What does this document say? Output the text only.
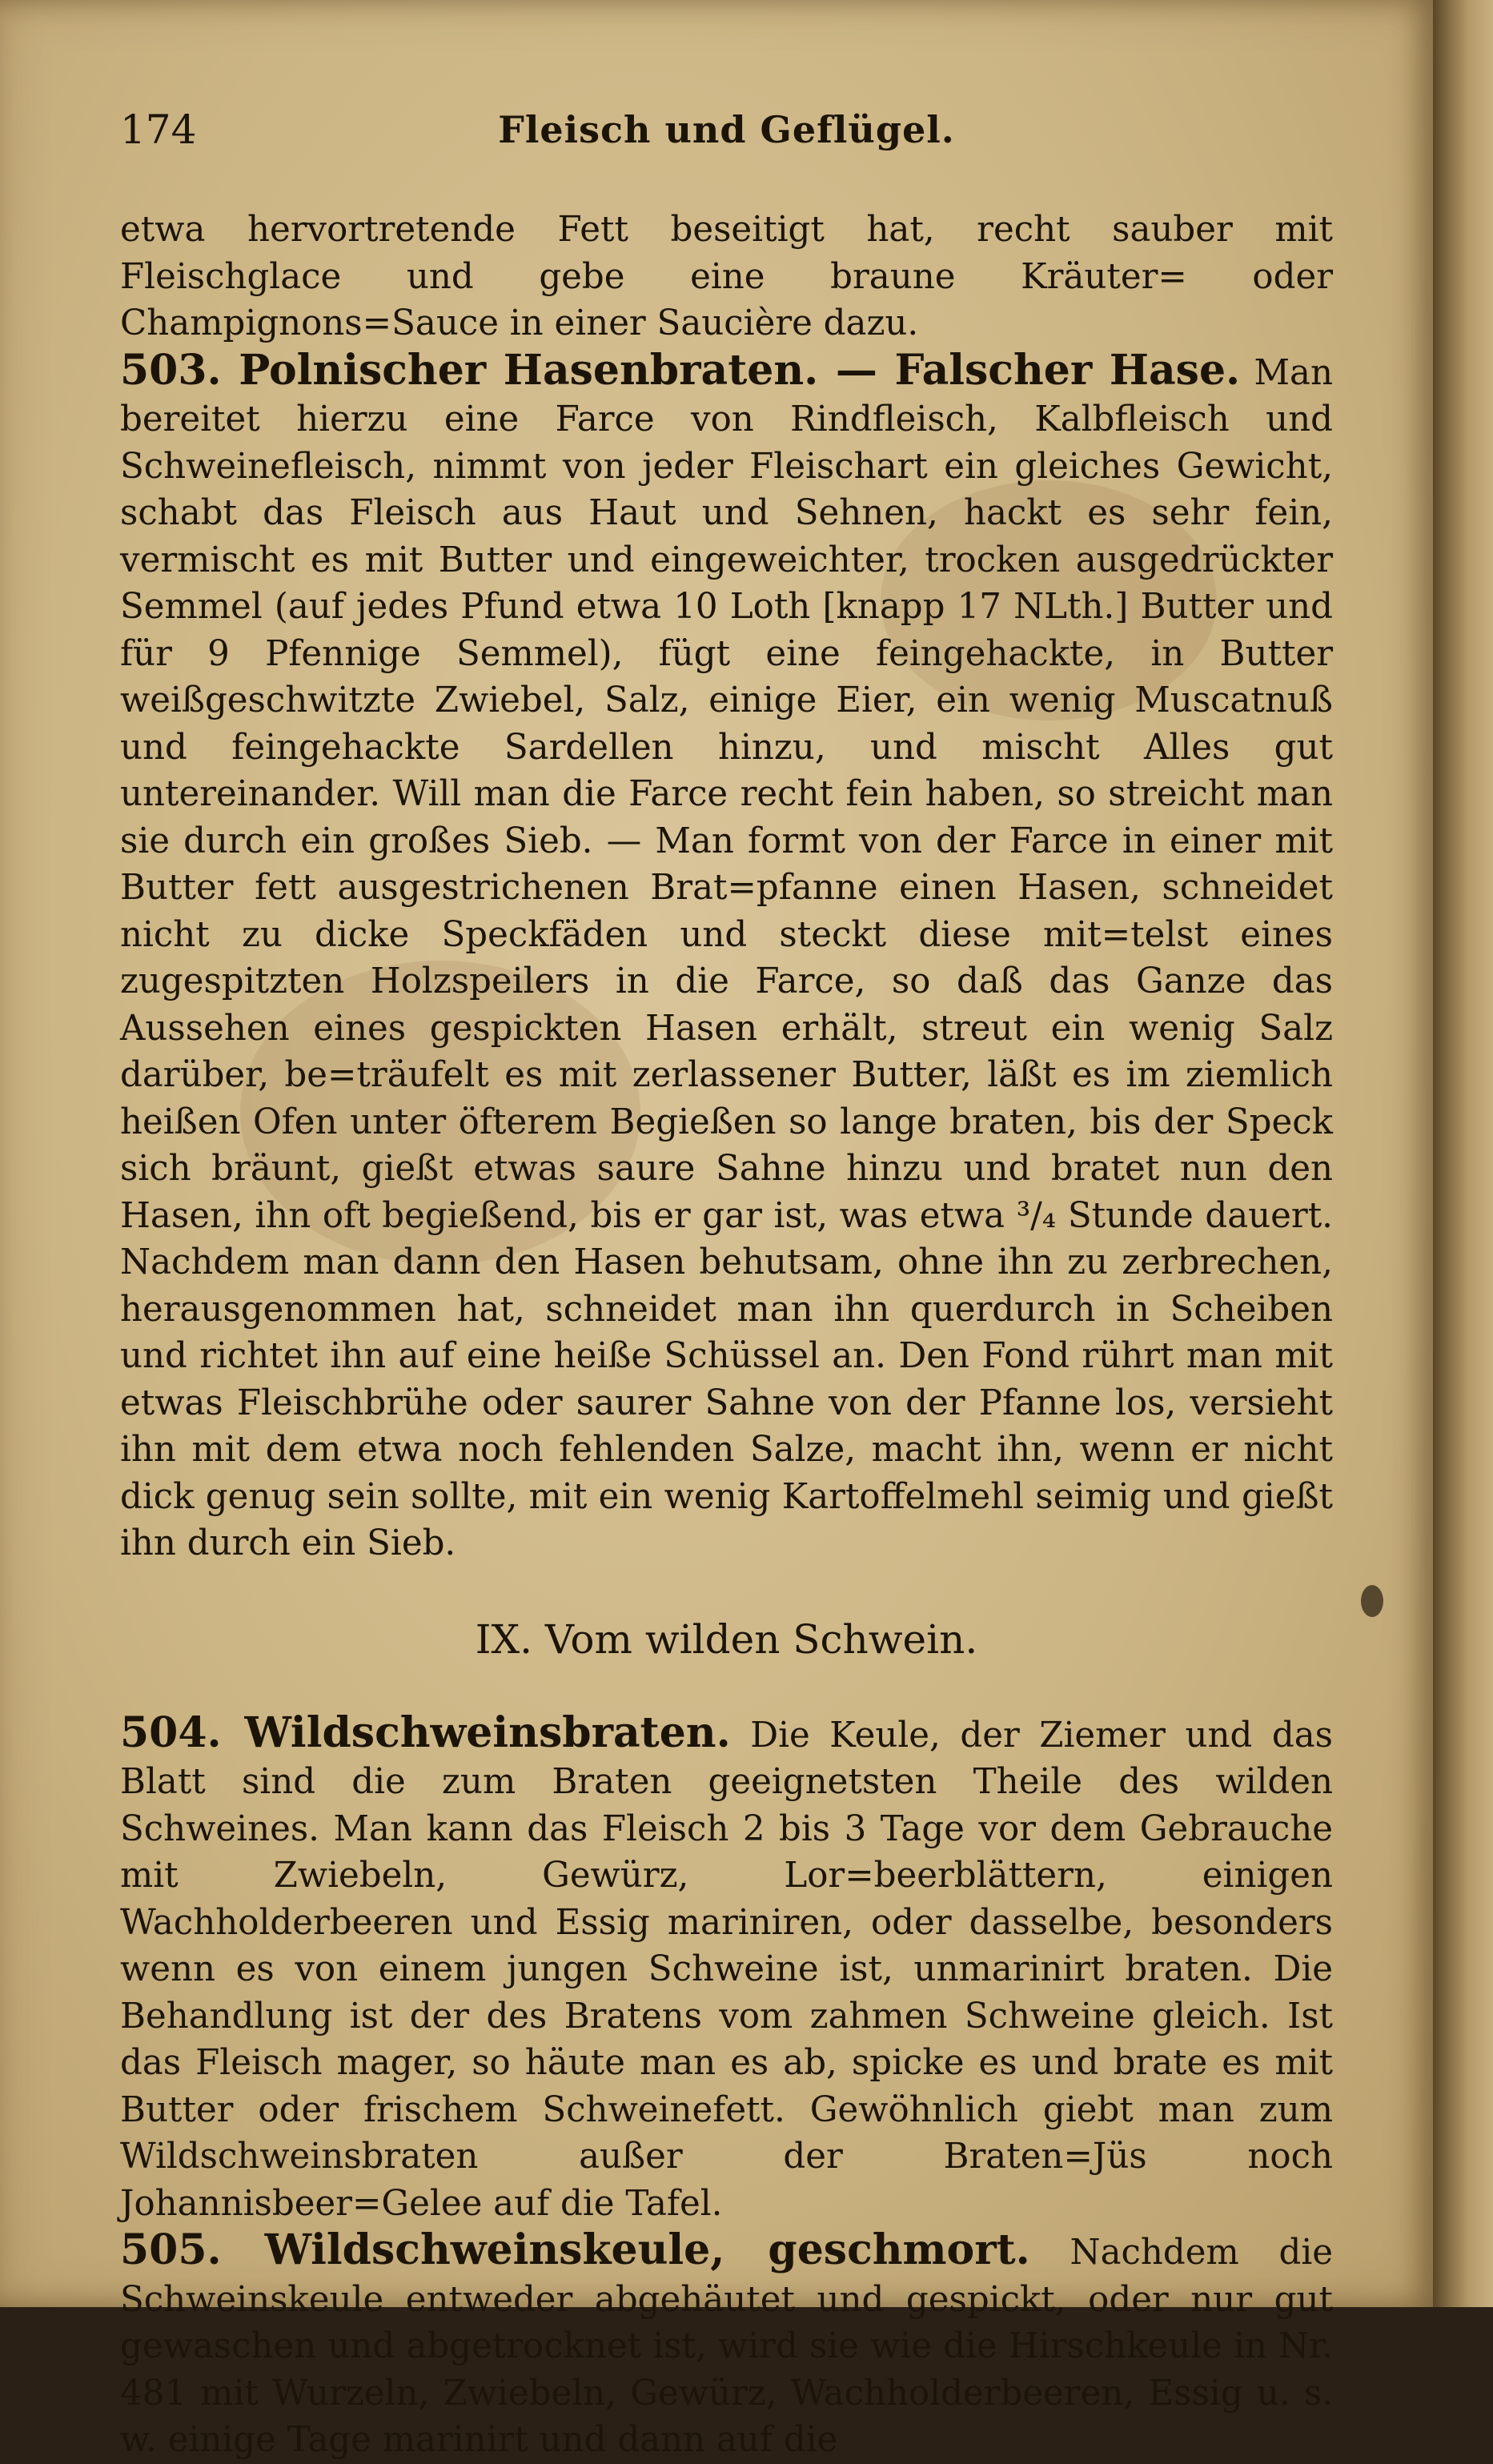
174	Fleisch und Geflügel.

etwa hervortretende Fett beseitigt hat, recht sauber mit Fleischglace und gebe eine braune Kräuter= oder Champignons=Sauce in einer Saucière dazu.

503. Polnischer Hasenbraten. — Falscher Hase. Man bereitet hierzu eine Farce von Rindfleisch, Kalbfleisch und Schweinefleisch, nimmt von jeder Fleischart ein gleiches Gewicht, schabt das Fleisch aus Haut und Sehnen, hackt es sehr fein, vermischt es mit Butter und eingeweichter, trocken ausgedrückter Semmel (auf jedes Pfund etwa 10 Loth [knapp 17 NLth.] Butter und für 9 Pfennige Semmel), fügt eine feingehackte, in Butter weißgeschwitzte Zwiebel, Salz, einige Eier, ein wenig Muscatnuß und feingehackte Sardellen hinzu, und mischt Alles gut untereinander. Will man die Farce recht fein haben, so streicht man sie durch ein großes Sieb. — Man formt von der Farce in einer mit Butter fett ausgestrichenen Brat=pfanne einen Hasen, schneidet nicht zu dicke Speckfäden und steckt diese mit=telst eines zugespitzten Holzspeilers in die Farce, so daß das Ganze das Aussehen eines gespickten Hasen erhält, streut ein wenig Salz darüber, be=träufelt es mit zerlassener Butter, läßt es im ziemlich heißen Ofen unter öfterem Begießen so lange braten, bis der Speck sich bräunt, gießt etwas saure Sahne hinzu und bratet nun den Hasen, ihn oft begießend, bis er gar ist, was etwa ³/₄ Stunde dauert. Nachdem man dann den Hasen behutsam, ohne ihn zu zerbrechen, herausgenommen hat, schneidet man ihn querdurch in Scheiben und richtet ihn auf eine heiße Schüssel an. Den Fond rührt man mit etwas Fleischbrühe oder saurer Sahne von der Pfanne los, versieht ihn mit dem etwa noch fehlenden Salze, macht ihn, wenn er nicht dick genug sein sollte, mit ein wenig Kartoffelmehl seimig und gießt ihn durch ein Sieb.

IX. Vom wilden Schwein.

504. Wildschweinsbraten. Die Keule, der Ziemer und das Blatt sind die zum Braten geeignetsten Theile des wilden Schweines. Man kann das Fleisch 2 bis 3 Tage vor dem Gebrauche mit Zwiebeln, Gewürz, Lor=beerblättern, einigen Wachholderbeeren und Essig mariniren, oder dasselbe, besonders wenn es von einem jungen Schweine ist, unmarinirt braten. Die Behandlung ist der des Bratens vom zahmen Schweine gleich. Ist das Fleisch mager, so häute man es ab, spicke es und brate es mit Butter oder frischem Schweinefett. Gewöhnlich giebt man zum Wildschweinsbraten außer der Braten=Jüs noch Johannisbeer=Gelee auf die Tafel.

505. Wildschweinskeule, geschmort. Nachdem die Schweinskeule entweder abgehäutet und gespickt, oder nur gut gewaschen und abgetrocknet ist, wird sie wie die Hirschkeule in Nr. 481 mit Wurzeln, Zwiebeln, Gewürz, Wachholderbeeren, Essig u. s. w. einige Tage marinirt und dann auf die
